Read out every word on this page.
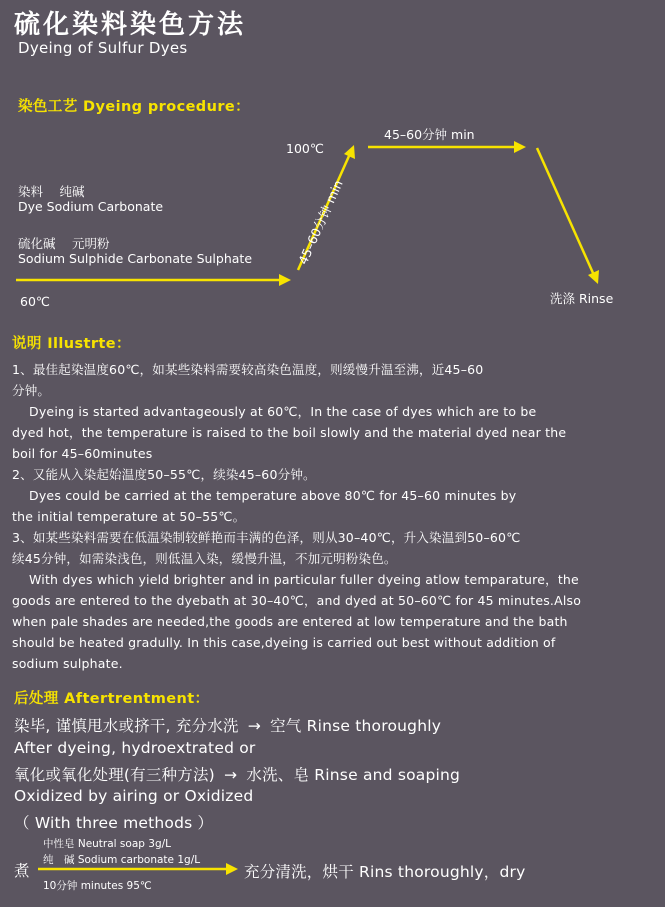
硫化染料染色方法
Dyeing of Sulfur Dyes
染色工艺 Dyeing procedure：
染料　 纯碱
Dye Sodium Carbonate
硫化碱　 元明粉
Sodium Sulphide Carbonate Sulphate
60℃
100℃
45–60分钟 min
45–60分钟 min
洗涤 Rinse
说明 Illustrte：
1、最佳起染温度60℃，如某些染料需要较高染色温度，则缓慢升温至沸，近45–60
分钟。
Dyeing is started advantageously at 60℃，In the case of dyes which are to be
dyed hot，the temperature is raised to the boil slowly and the material dyed near the
boil for 45–60minutes
2、又能从入染起始温度50–55℃，续染45–60分钟。
Dyes could be carried at the temperature above 80℃ for 45–60 minutes by
the initial temperature at 50–55℃。
3、如某些染料需要在低温染制较鲜艳而丰满的色泽，则从30–40℃，升入染温到50–60℃
续45分钟，如需染浅色，则低温入染，缓慢升温，不加元明粉染色。
With dyes which yield brighter and in particular fuller dyeing atlow temparature，the
goods are entered to the dyebath at 30–40℃，and dyed at 50–60℃ for 45 minutes.Also
when pale shades are needed,the goods are entered at low temperature and the bath
should be heated gradully. In this case,dyeing is carried out best without addition of
sodium sulphate.
后处理 Aftertrentment：
染毕, 谨慎甩水或挤干, 充分水洗 → 空气 Rinse thoroughly
After dyeing, hydroextrated or
氧化或氧化处理(有三种方法) → 水洗、皂 Rinse and soaping
Oxidized by airing or Oxidized
（ With three methods ）
中性皂 Neutral soap 3g/L
纯　碱 Sodium carbonate 1g/L
煮
10分钟 minutes 95℃
充分清洗，烘干 Rins thoroughly，dry
